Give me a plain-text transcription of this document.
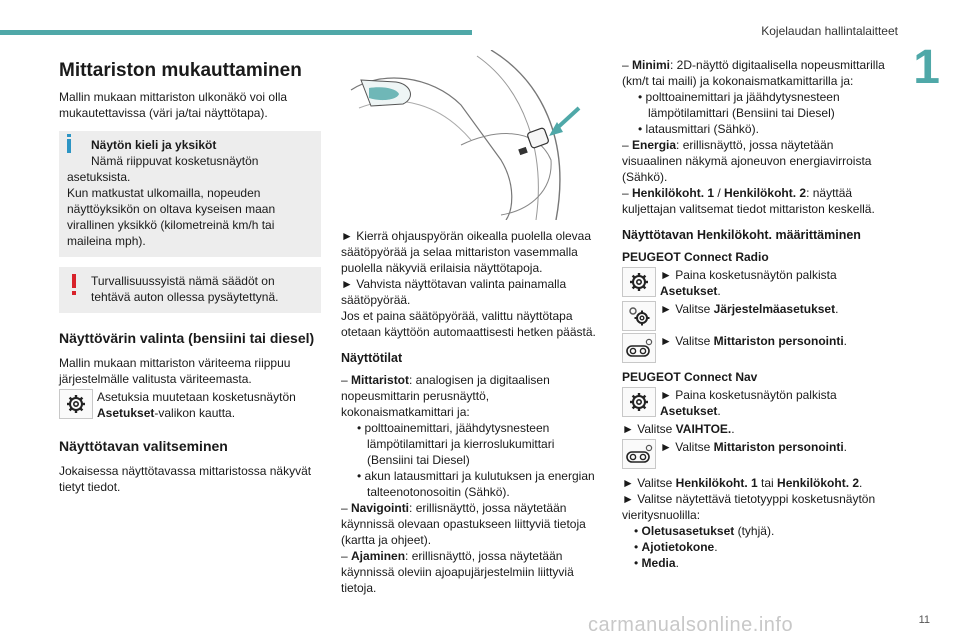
Kojelaudan hallintalaitteet
1
11
carmanualsonline.info
Mittariston mukauttaminen

Mallin mukaan mittariston ulkonäkö voi olla mukautettavissa (väri ja/tai näyttötapa).

Näytön kieli ja yksiköt
Nämä riippuvat kosketusnäytön
asetuksista.
Kun matkustat ulkomailla, nopeuden näyttöyksikön on oltava kyseisen maan virallinen yksikkö (kilometreinä km/h tai maileina mph).
Turvallisuussyistä nämä säädöt on tehtävä auton ollessa pysäytettynä.
Näyttövärin valinta (bensiini tai diesel)

Mallin mukaan mittariston väriteema riippuu järjestelmälle valitusta väriteemasta.

Asetuksia muutetaan kosketusnäytön Asetukset-valikon kautta.
Näyttötavan valitseminen

Jokaisessa näyttötavassa mittaristossa näkyvät tietyt tiedot.

► Kierrä ohjauspyörän oikealla puolella olevaa säätöpyörää ja selaa mittariston vasemmalla puolella näkyviä erilaisia näyttötapoja.

► Vahvista näyttötavan valinta painamalla säätöpyörää.

Jos et paina säätöpyörää, valittu näyttötapa otetaan käyttöön automaattisesti hetken päästä.

Näyttötilat

– Mittaristot: analogisen ja digitaalisen nopeusmittarin perusnäyttö, kokonaismatkamittari ja:

• polttoainemittari, jäähdytysnesteen lämpötilamittari ja kierroslukumittari (Bensiini tai Diesel)

• akun latausmittari ja kulutuksen ja energian talteenotonosoitin (Sähkö).

– Navigointi: erillisnäyttö, jossa näytetään käynnissä olevaan opastukseen liittyviä tietoja (kartta ja ohjeet).

– Ajaminen: erillisnäyttö, jossa näytetään käynnissä oleviin ajoapujärjestelmiin liittyviä tietoja.

– Minimi: 2D-näyttö digitaalisella nopeusmittarilla (km/t tai maili) ja kokonaismatkamittarilla ja:

• polttoainemittari ja jäähdytysnesteen lämpötilamittari (Bensiini tai Diesel)

• latausmittari (Sähkö).

– Energia: erillisnäyttö, jossa näytetään visuaalinen näkymä ajoneuvon energiavirroista (Sähkö).

– Henkilökoht. 1 / Henkilökoht. 2: näyttää kuljettajan valitsemat tiedot mittariston keskellä.

Näyttötavan Henkilökoht. määrittäminen
PEUGEOT Connect Radio
► Paina kosketusnäytön palkista Asetukset.
► Valitse Järjestelmäasetukset.
► Valitse Mittariston personointi.
PEUGEOT Connect Nav
► Paina kosketusnäytön palkista Asetukset.

► Valitse VAIHTOE..

► Valitse Mittariston personointi.

► Valitse Henkilökoht. 1 tai Henkilökoht. 2.

► Valitse näytettävä tietotyyppi kosketusnäytön vieritysnuolilla:

• Oletusasetukset (tyhjä).

• Ajotietokone.

• Media.
